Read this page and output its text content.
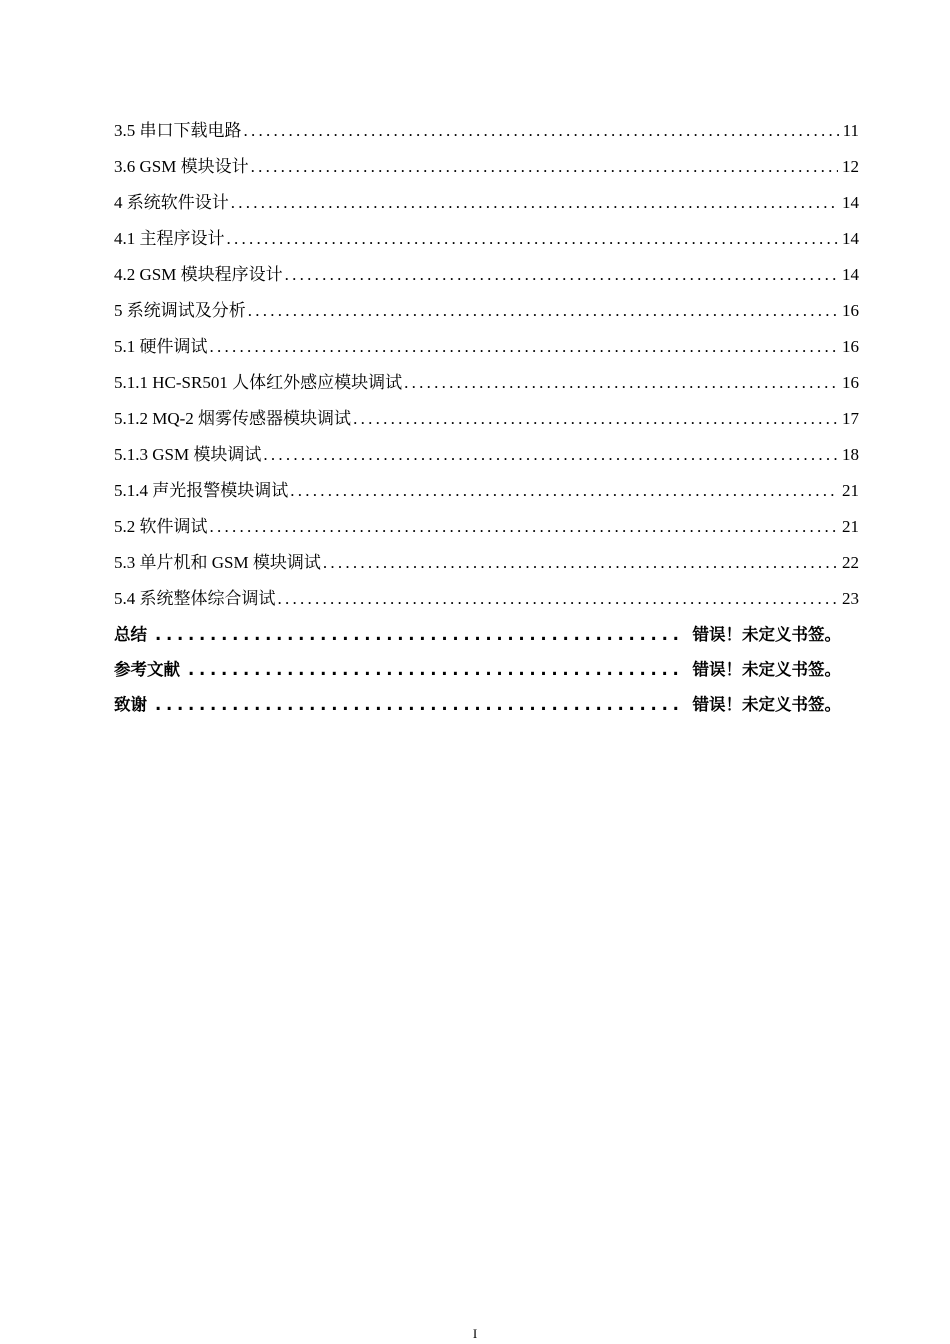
3.5 串口下载电路 . . .	11
3.6 GSM 模块设计 . . .	12
4 系统软件设计 . . .	14
4.1 主程序设计 . . .	14
4.2 GSM 模块程序设计 . . .	14
5 系统调试及分析 . . .	16
5.1 硬件调试 . . .	16
5.1.1 HC-SR501 人体红外感应模块调试 . . .	16
5.1.2 MQ-2 烟雾传感器模块调试 . . .	17
5.1.3 GSM 模块调试 . . .	18
5.1.4 声光报警模块调试 . . .	21
5.2 软件调试 . . .	21
5.3 单片机和 GSM 模块调试 . . .	22
5.4 系统整体综合调试 . . .	23
总结 . . .	错误！未定义书签。
参考文献 . . .	错误！未定义书签。
致谢 . . .	错误！未定义书签。
I
